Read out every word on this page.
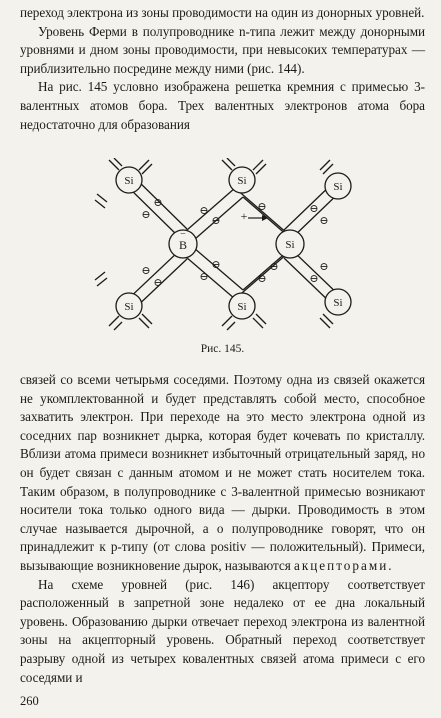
переход электрона из зоны проводимости на один из донорных уровней.

Уровень Ферми в полупроводнике n-типа лежит между донорными уровнями и дном зоны проводимости, при невысоких температурах — приблизительно посредине между ними (рис. 144).

На рис. 145 условно изображена решетка кремния с примесью 3-валентных атомов бора. Трех валентных электронов атома бора недостаточно для образования

⊖
⊖
⊖
⊖
⊖
⊖
⊖
⊖
⊖
⊖
⊖
⊖
⊖
⊖
⊖
+
Si	Si	Si
B
−
Si
Si	Si	Si
Рис. 145.

связей со всеми четырьмя соседями. Поэтому одна из связей окажется не укомплектованной и будет представлять собой место, способное захватить электрон. При переходе на это место электрона одной из соседних пар возникнет дырка, которая будет кочевать по кристаллу. Вблизи атома примеси возникнет избыточный отрицательный заряд, но он будет связан с данным атомом и не может стать носителем тока. Таким образом, в полупроводнике с 3-валентной примесью возникают носители тока только одного вида — дырки. Проводимость в этом случае называется дырочной, а о полупроводнике говорят, что он принадлежит к p-типу (от слова positiv — положительный). Примеси, вызывающие возникновение дырок, называются акцепторами.

На схеме уровней (рис. 146) акцептору соответствует расположенный в запретной зоне недалеко от ее дна локальный уровень. Образованию дырки отвечает переход электрона из валентной зоны на акцепторный уровень. Обратный переход соответствует разрыву одной из четырех ковалентных связей атома примеси с его соседями и

260
